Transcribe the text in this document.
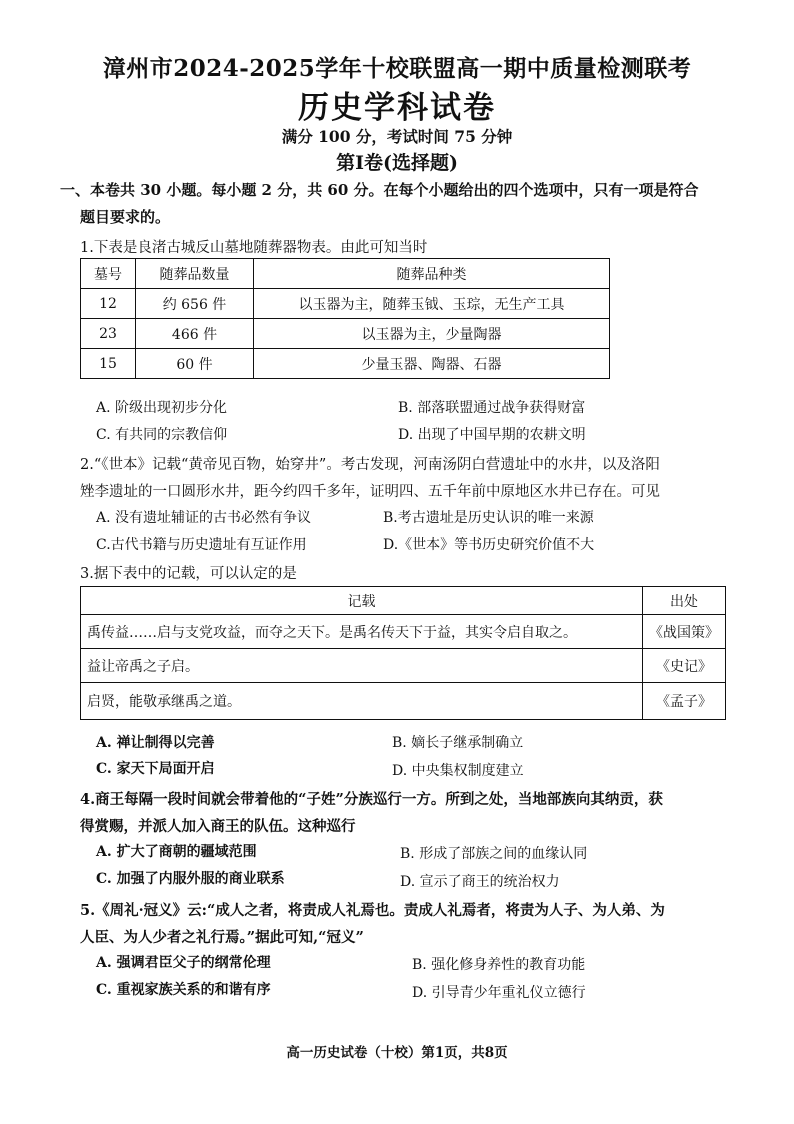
漳州市2024-2025学年十校联盟高一期中质量检测联考
历史学科试卷
满分 100 分，考试时间 75 分钟
第Ⅰ卷(选择题)
一、本卷共 30 小题。每小题 2 分，共 60 分。在每个小题给出的四个选项中，只有一项是符合
题目要求的。
1.下表是良渚古城反山墓地随葬器物表。由此可知当时
墓号	随葬品数量	随葬品种类
12	约 656 件	以玉器为主，随葬玉钺、玉琮，无生产工具
23	466 件	以玉器为主，少量陶器
15	60 件	少量玉器、陶器、石器
A. 阶级出现初步分化	B. 部落联盟通过战争获得财富
C. 有共同的宗教信仰	D. 出现了中国早期的农耕文明
2.“《世本》记载“黄帝见百物，始穿井”。考古发现，河南汤阴白营遗址中的水井，以及洛阳
矬李遗址的一口圆形水井，距今约四千多年，证明四、五千年前中原地区水井已存在。可见
A. 没有遗址辅证的古书必然有争议	B.考古遗址是历史认识的唯一来源
C.古代书籍与历史遗址有互证作用	D.《世本》等书历史研究价值不大
3.据下表中的记载，可以认定的是
记载	出处
禹传益……启与支党攻益，而夺之天下。是禹名传天下于益，其实令启自取之。	《战国策》
益让帝禹之子启。	《史记》
启贤，能敬承继禹之道。	《孟子》
A. 禅让制得以完善	B. 嫡长子继承制确立
C. 家天下局面开启	D. 中央集权制度建立
4.商王每隔一段时间就会带着他的“子姓”分族巡行一方。所到之处，当地部族向其纳贡，获
得赏赐，并派人加入商王的队伍。这种巡行
A. 扩大了商朝的疆域范围	B. 形成了部族之间的血缘认同
C. 加强了内服外服的商业联系	D. 宣示了商王的统治权力
5.《周礼·冠义》云:“成人之者，将责成人礼焉也。责成人礼焉者，将责为人子、为人弟、为
人臣、为人少者之礼行焉。”据此可知,“冠义”
A. 强调君臣父子的纲常伦理	B. 强化修身养性的教育功能
C. 重视家族关系的和谐有序	D. 引导青少年重礼仪立德行
高一历史试卷（十校）第1页，共8页
